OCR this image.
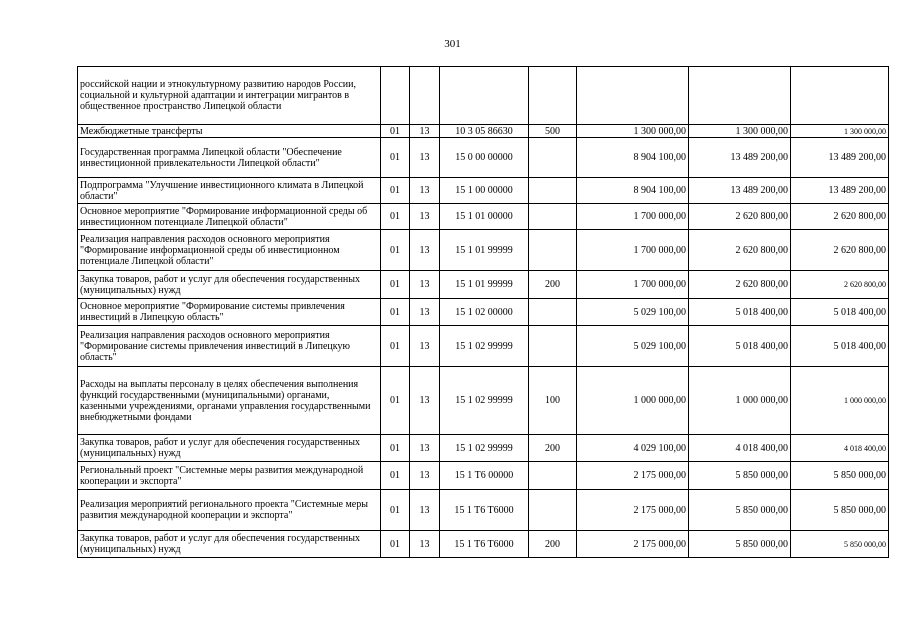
301
российской нации и этнокультурному развитию народов России, социальной и культурной адаптации и интеграции мигрантов в общественное пространство Липецкой области							
Межбюджетные трансферты	01	13	10 3 05 86630	500	1 300 000,00	1 300 000,00	1 300 000,00
Государственная программа Липецкой области "Обеспечение инвестиционной привлекательности Липецкой области"	01	13	15 0 00 00000		8 904 100,00	13 489 200,00	13 489 200,00
Подпрограмма "Улучшение инвестиционного климата в Липецкой области"	01	13	15 1 00 00000		8 904 100,00	13 489 200,00	13 489 200,00
Основное мероприятие "Формирование информационной среды об инвестиционном потенциале Липецкой области"	01	13	15 1 01 00000		1 700 000,00	2 620 800,00	2 620 800,00
Реализация направления расходов основного мероприятия "Формирование информационной среды об инвестиционном потенциале Липецкой области"	01	13	15 1 01 99999		1 700 000,00	2 620 800,00	2 620 800,00
Закупка товаров, работ и услуг для обеспечения государственных (муниципальных) нужд	01	13	15 1 01 99999	200	1 700 000,00	2 620 800,00	2 620 800,00
Основное мероприятие "Формирование системы привлечения инвестиций в Липецкую область"	01	13	15 1 02 00000		5 029 100,00	5 018 400,00	5 018 400,00
Реализация направления расходов основного мероприятия "Формирование системы привлечения инвестиций в Липецкую область"	01	13	15 1 02 99999		5 029 100,00	5 018 400,00	5 018 400,00
Расходы на выплаты персоналу в целях обеспечения выполнения функций государственными (муниципальными) органами, казенными учреждениями, органами управления государственными внебюджетными фондами	01	13	15 1 02 99999	100	1 000 000,00	1 000 000,00	1 000 000,00
Закупка товаров, работ и услуг для обеспечения государственных (муниципальных) нужд	01	13	15 1 02 99999	200	4 029 100,00	4 018 400,00	4 018 400,00
Региональный проект "Системные меры развития международной кооперации и экспорта"	01	13	15 1 T6 00000		2 175 000,00	5 850 000,00	5 850 000,00
Реализация мероприятий регионального проекта "Системные меры развития международной кооперации и экспорта"	01	13	15 1 T6 T6000		2 175 000,00	5 850 000,00	5 850 000,00
Закупка товаров, работ и услуг для обеспечения государственных (муниципальных) нужд	01	13	15 1 T6 T6000	200	2 175 000,00	5 850 000,00	5 850 000,00
